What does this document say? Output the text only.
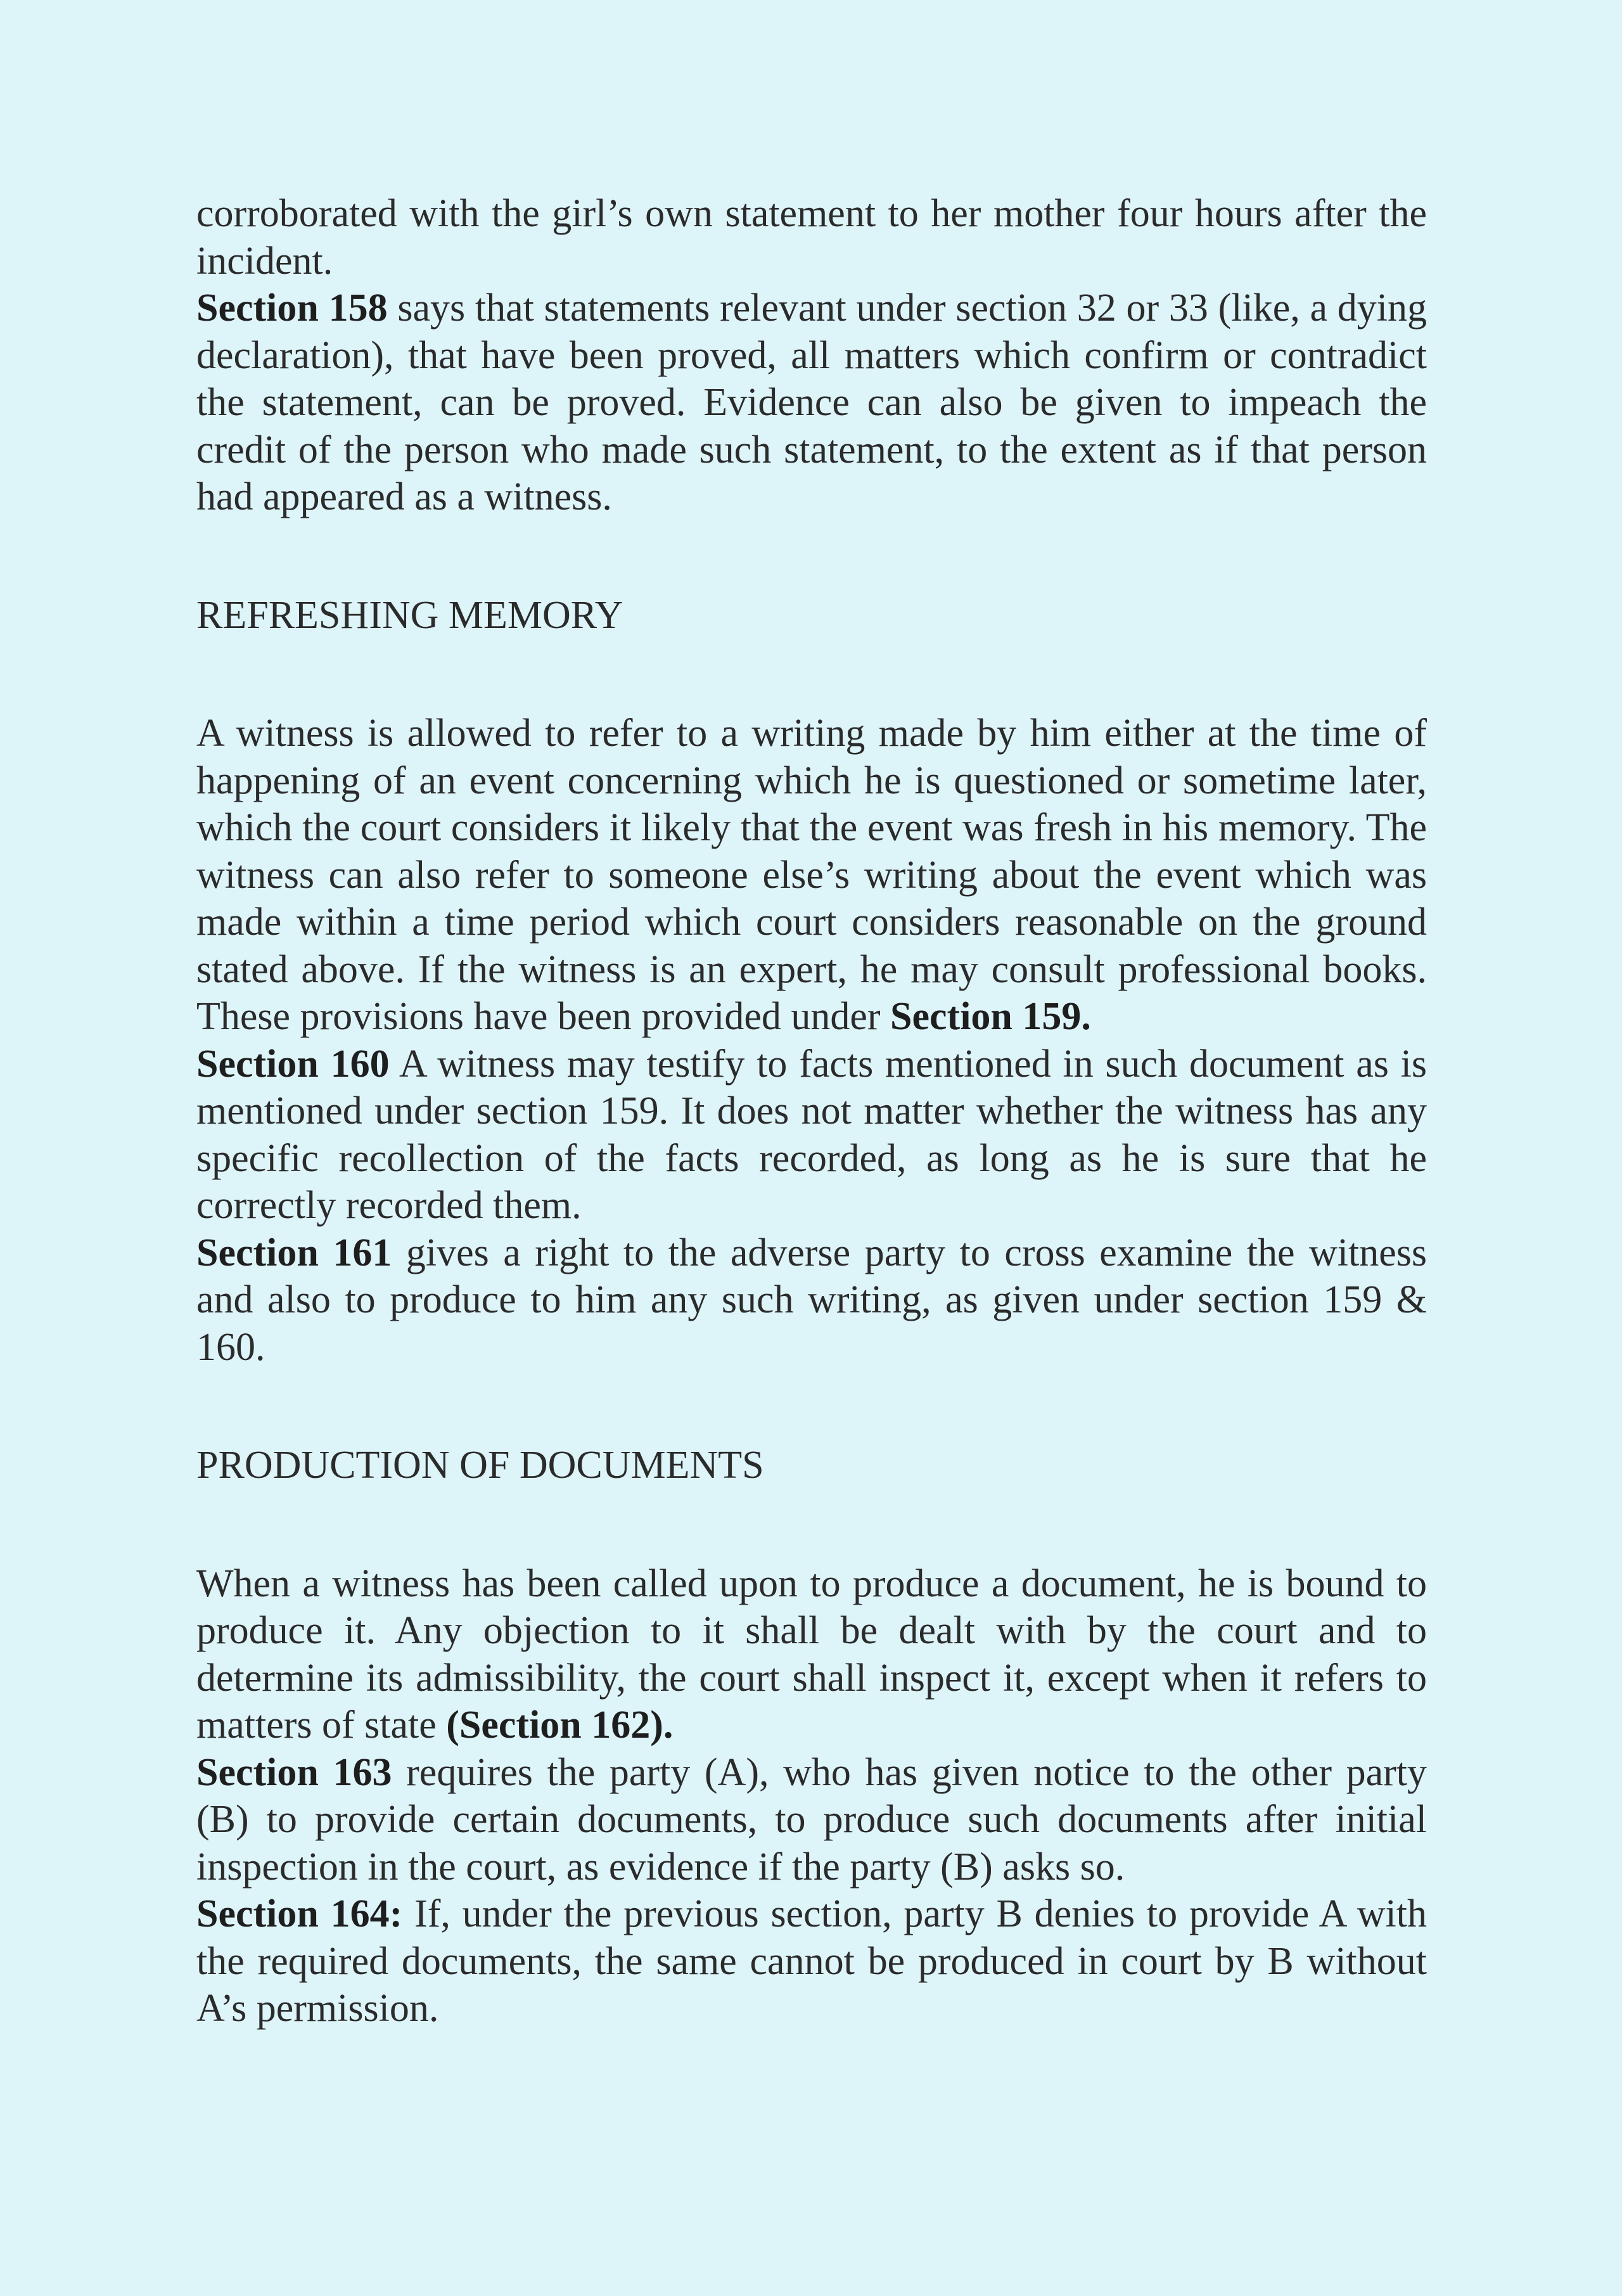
corroborated with the girl’s own statement to her mother four hours after the incident.

Section 158 says that statements relevant under section 32 or 33 (like, a dying declaration), that have been proved, all matters which confirm or contradict the statement, can be proved. Evidence can also be given to impeach the credit of the person who made such statement, to the extent as if that person had appeared as a witness.

REFRESHING MEMORY

A witness is allowed to refer to a writing made by him either at the time of happening of an event concerning which he is questioned or sometime later, which the court considers it likely that the event was fresh in his memory. The witness can also refer to someone else’s writing about the event which was made within a time period which court considers reasonable on the ground stated above. If the witness is an expert, he may consult professional books. These provisions have been provided under Section 159.

Section 160 A witness may testify to facts mentioned in such document as is mentioned under section 159. It does not matter whether the witness has any specific recollection of the facts recorded, as long as he is sure that he correctly recorded them.

Section 161 gives a right to the adverse party to cross examine the witness and also to produce to him any such writing, as given under section 159 & 160.

PRODUCTION OF DOCUMENTS

When a witness has been called upon to produce a document, he is bound to produce it. Any objection to it shall be dealt with by the court and to determine its admissibility, the court shall inspect it, except when it refers to matters of state (Section 162).

Section 163 requires the party (A), who has given notice to the other party (B) to provide certain documents, to produce such documents after initial inspection in the court, as evidence if the party (B) asks so.

Section 164: If, under the previous section, party B denies to provide A with the required documents, the same cannot be produced in court by B without A’s permission.
